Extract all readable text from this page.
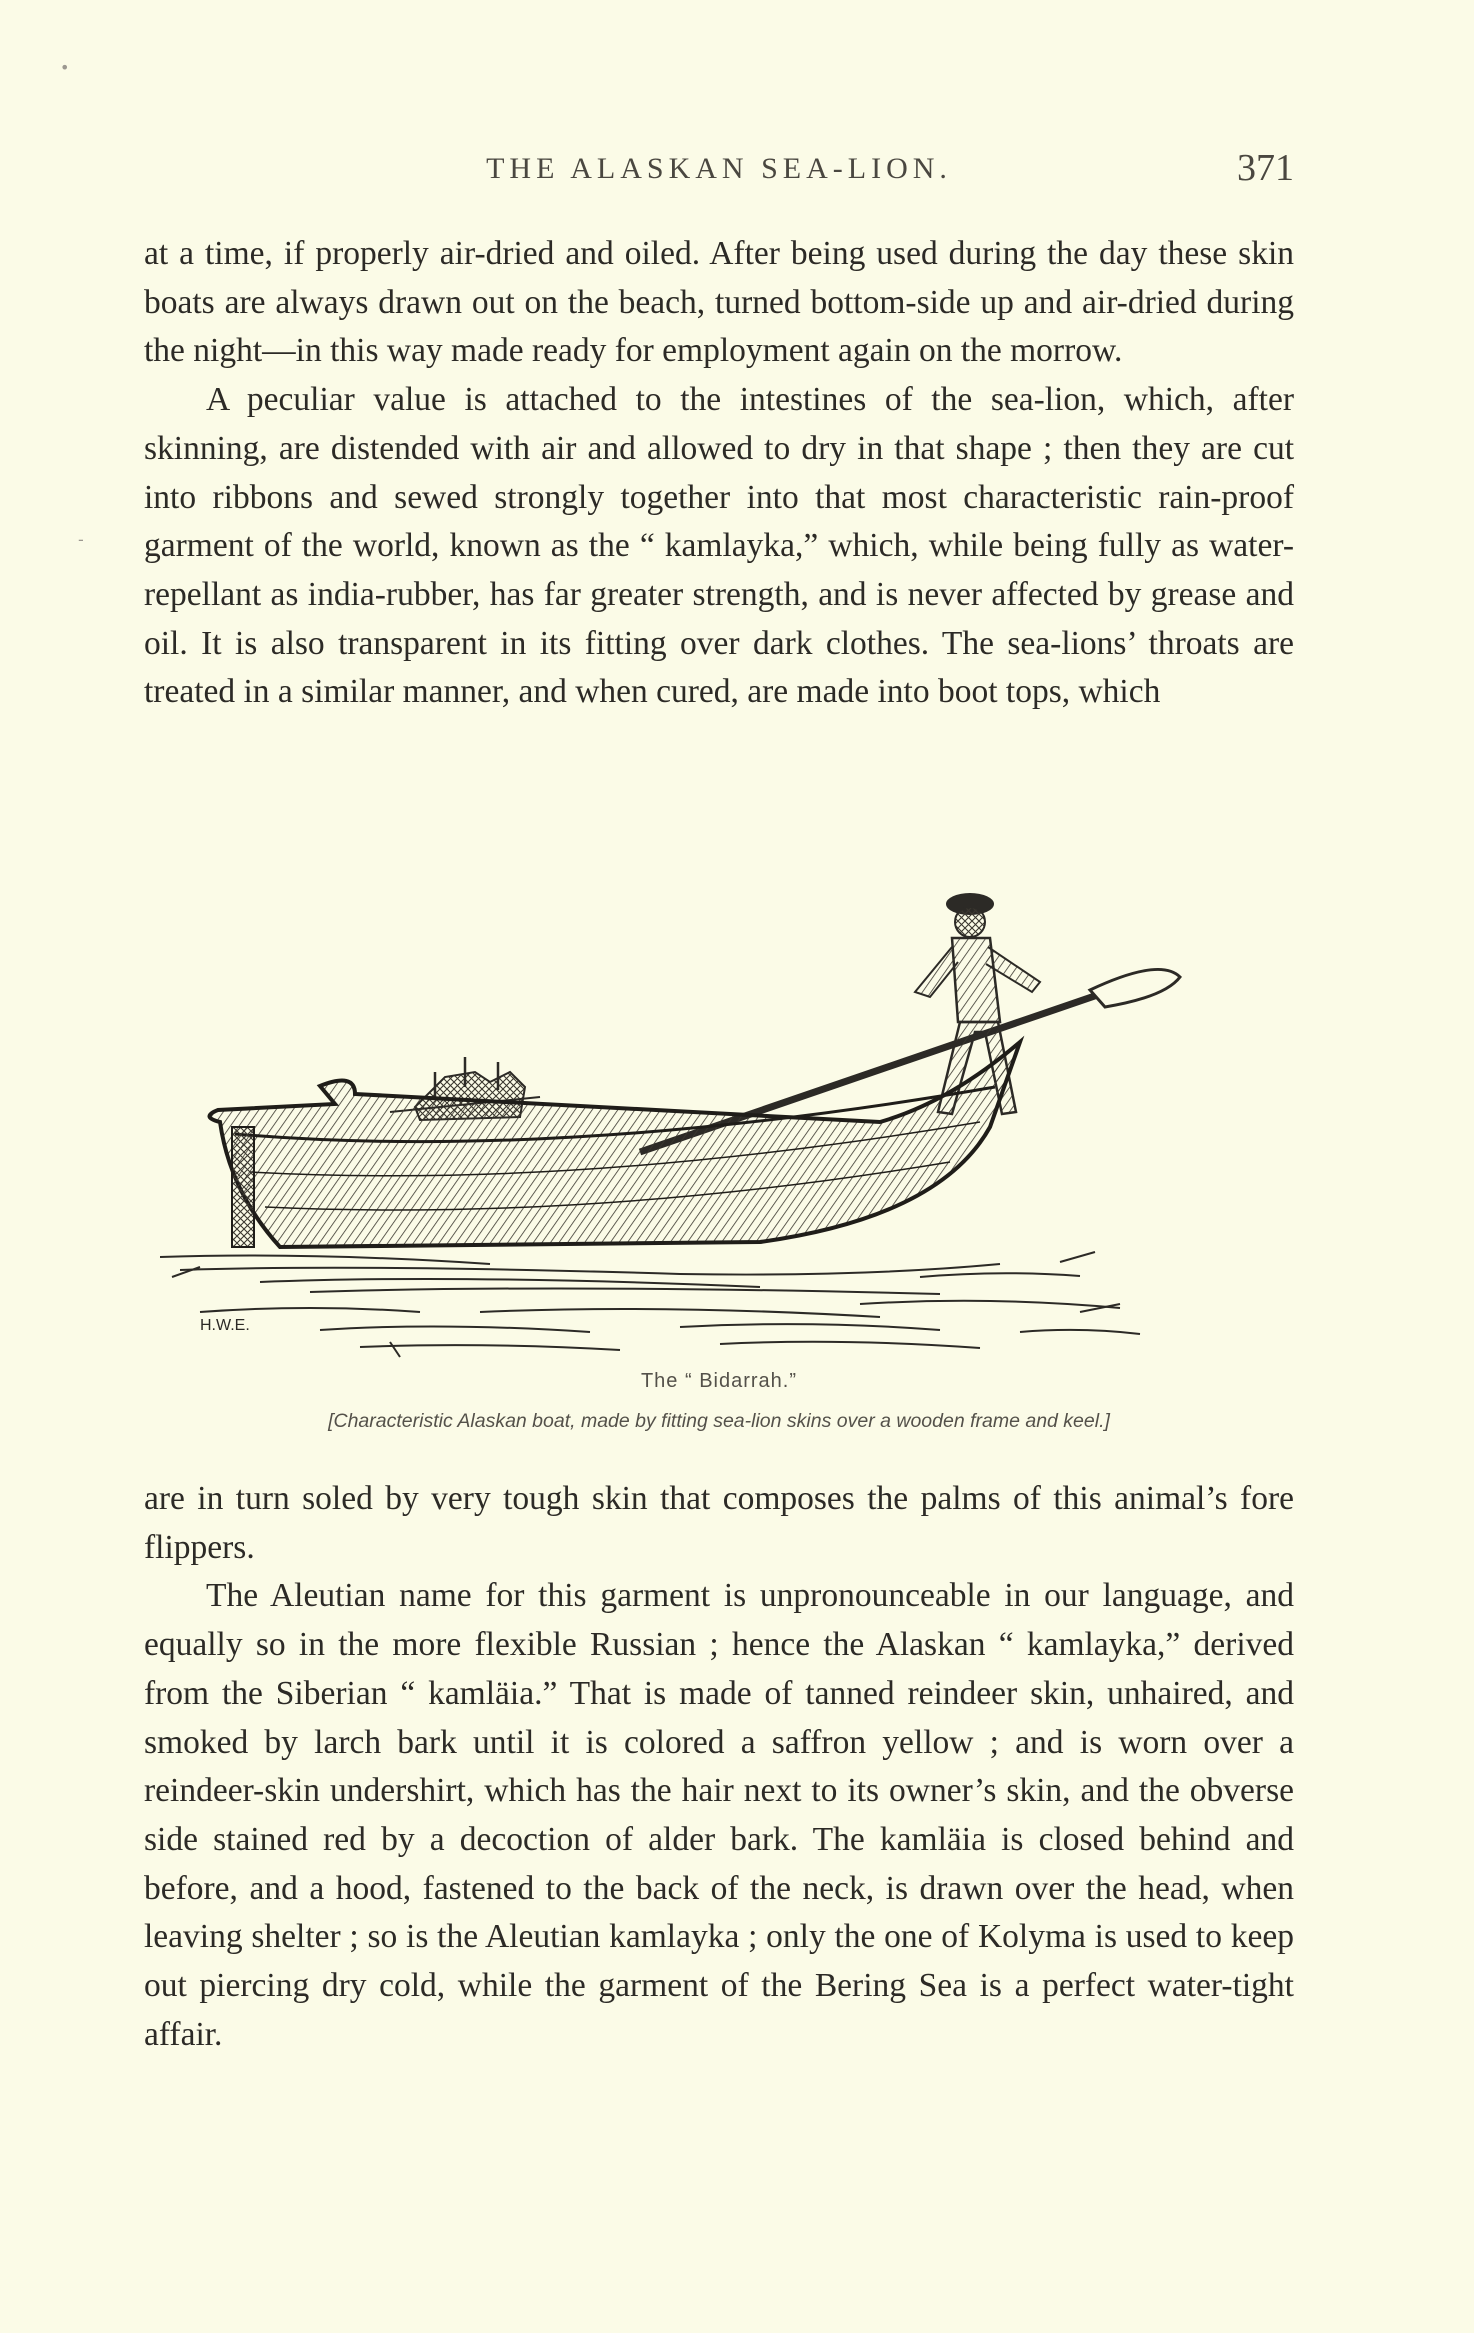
•
-
THE ALASKAN SEA-LION.	371

at a time, if properly air-dried and oiled. After being used during the day these skin boats are always drawn out on the beach, turned bottom-side up and air-dried during the night—in this way made ready for employment again on the morrow.

A peculiar value is attached to the intestines of the sea-lion, which, after skinning, are distended with air and allowed to dry in that shape ; then they are cut into ribbons and sewed strongly together into that most characteristic rain-proof garment of the world, known as the “ kamlayka,” which, while being fully as water-repellant as india-rubber, has far greater strength, and is never affected by grease and oil. It is also transparent in its fitting over dark clothes. The sea-lions’ throats are treated in a similar manner, and when cured, are made into boot tops, which

H.W.E.
The “ Bidarrah.”
[Characteristic Alaskan boat, made by fitting sea-lion skins over a wooden frame and keel.]

are in turn soled by very tough skin that composes the palms of this animal’s fore flippers.

The Aleutian name for this garment is unpronounceable in our language, and equally so in the more flexible Russian ; hence the Alaskan “ kamlayka,” derived from the Siberian “ kamläia.” That is made of tanned reindeer skin, unhaired, and smoked by larch bark until it is colored a saffron yellow ; and is worn over a reindeer-skin undershirt, which has the hair next to its owner’s skin, and the obverse side stained red by a decoction of alder bark. The kamläia is closed behind and before, and a hood, fastened to the back of the neck, is drawn over the head, when leaving shelter ; so is the Aleutian kamlayka ; only the one of Kolyma is used to keep out piercing dry cold, while the garment of the Bering Sea is a perfect water-tight affair.
